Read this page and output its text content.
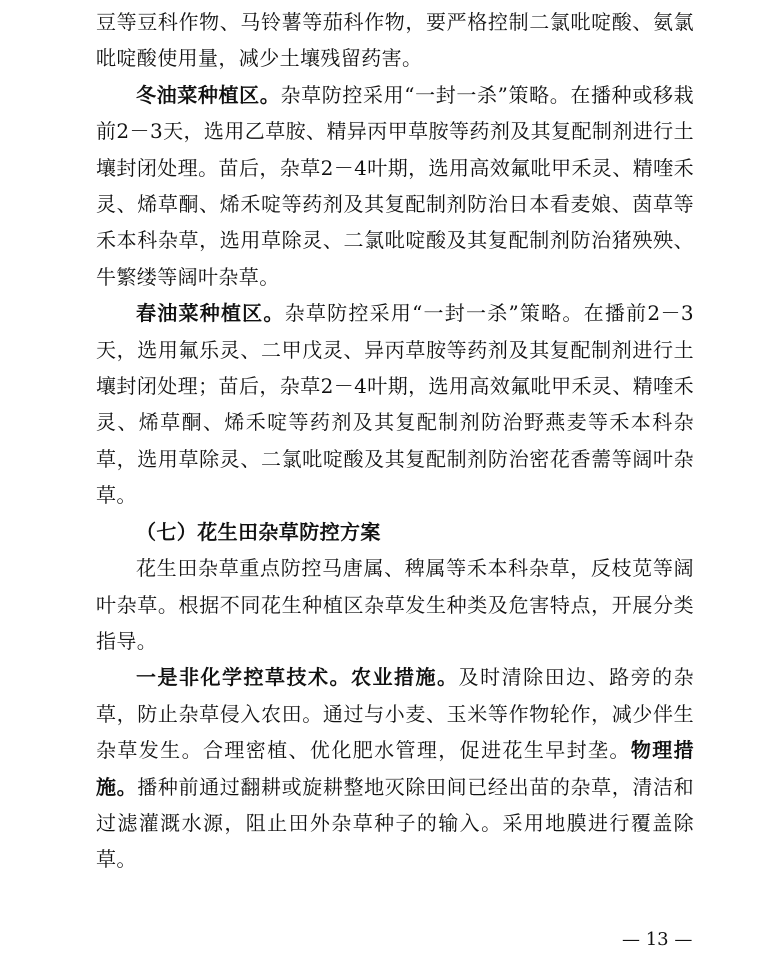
豆等豆科作物、马铃薯等茄科作物，要严格控制二氯吡啶酸、氨氯吡啶酸使用量，减少土壤残留药害。

冬油菜种植区。杂草防控采用“一封一杀”策略。在播种或移栽前2－3天，选用乙草胺、精异丙甲草胺等药剂及其复配制剂进行土壤封闭处理。苗后，杂草2－4叶期，选用高效氟吡甲禾灵、精喹禾灵、烯草酮、烯禾啶等药剂及其复配制剂防治日本看麦娘、茵草等禾本科杂草，选用草除灵、二氯吡啶酸及其复配制剂防治猪殃殃、牛繁缕等阔叶杂草。

春油菜种植区。杂草防控采用“一封一杀”策略。在播前2－3天，选用氟乐灵、二甲戊灵、异丙草胺等药剂及其复配制剂进行土壤封闭处理；苗后，杂草2－4叶期，选用高效氟吡甲禾灵、精喹禾灵、烯草酮、烯禾啶等药剂及其复配制剂防治野燕麦等禾本科杂草，选用草除灵、二氯吡啶酸及其复配制剂防治密花香薷等阔叶杂草。

（七）花生田杂草防控方案

花生田杂草重点防控马唐属、稗属等禾本科杂草，反枝苋等阔叶杂草。根据不同花生种植区杂草发生种类及危害特点，开展分类指导。

一是非化学控草技术。农业措施。及时清除田边、路旁的杂草，防止杂草侵入农田。通过与小麦、玉米等作物轮作，减少伴生杂草发生。合理密植、优化肥水管理，促进花生早封垄。物理措施。播种前通过翻耕或旋耕整地灭除田间已经出苗的杂草，清洁和过滤灌溉水源，阻止田外杂草种子的输入。采用地膜进行覆盖除草。

— 13 —
